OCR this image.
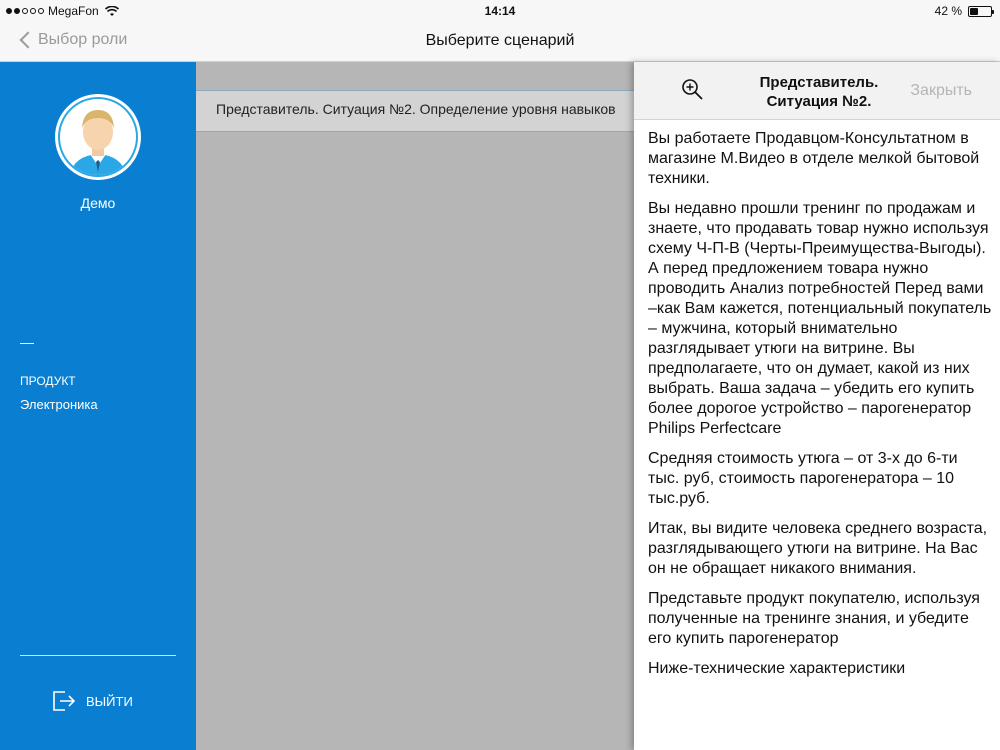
MegaFon	14:14	42 %
Выбор роли	Выберите сценарий
Демо
—
ПРОДУКТ
Электроника
ВЫЙТИ
Представитель. Ситуация №2. Определение уровня навыков
Представитель.
Ситуация №2.
Закрыть

Вы работаете Продавцом-Консультатном в магазине М.Видео в отделе мелкой бытовой техники.

Вы недавно прошли тренинг по продажам и знаете, что продавать товар нужно используя схему Ч-П-В (Черты-Преимущества-Выгоды). А перед предложением товара нужно проводить Анализ потребностей Перед вами –как Вам кажется, потенциальный покупатель – мужчина, который внимательно разглядывает утюги на витрине. Вы предполагаете, что он думает, какой из них выбрать. Ваша задача – убедить его купить более дорогое устройство – парогенератор Philips Perfectcare

Средняя стоимость утюга – от 3-х до 6-ти тыс. руб, стоимость парогенератора – 10 тыс.руб.

Итак, вы видите человека среднего возраста, разглядывающего утюги на витрине. На Вас он не обращает никакого внимания.

Представьте продукт покупателю, используя полученные на тренинге знания, и убедите его купить парогенератор

Ниже-технические характеристики
